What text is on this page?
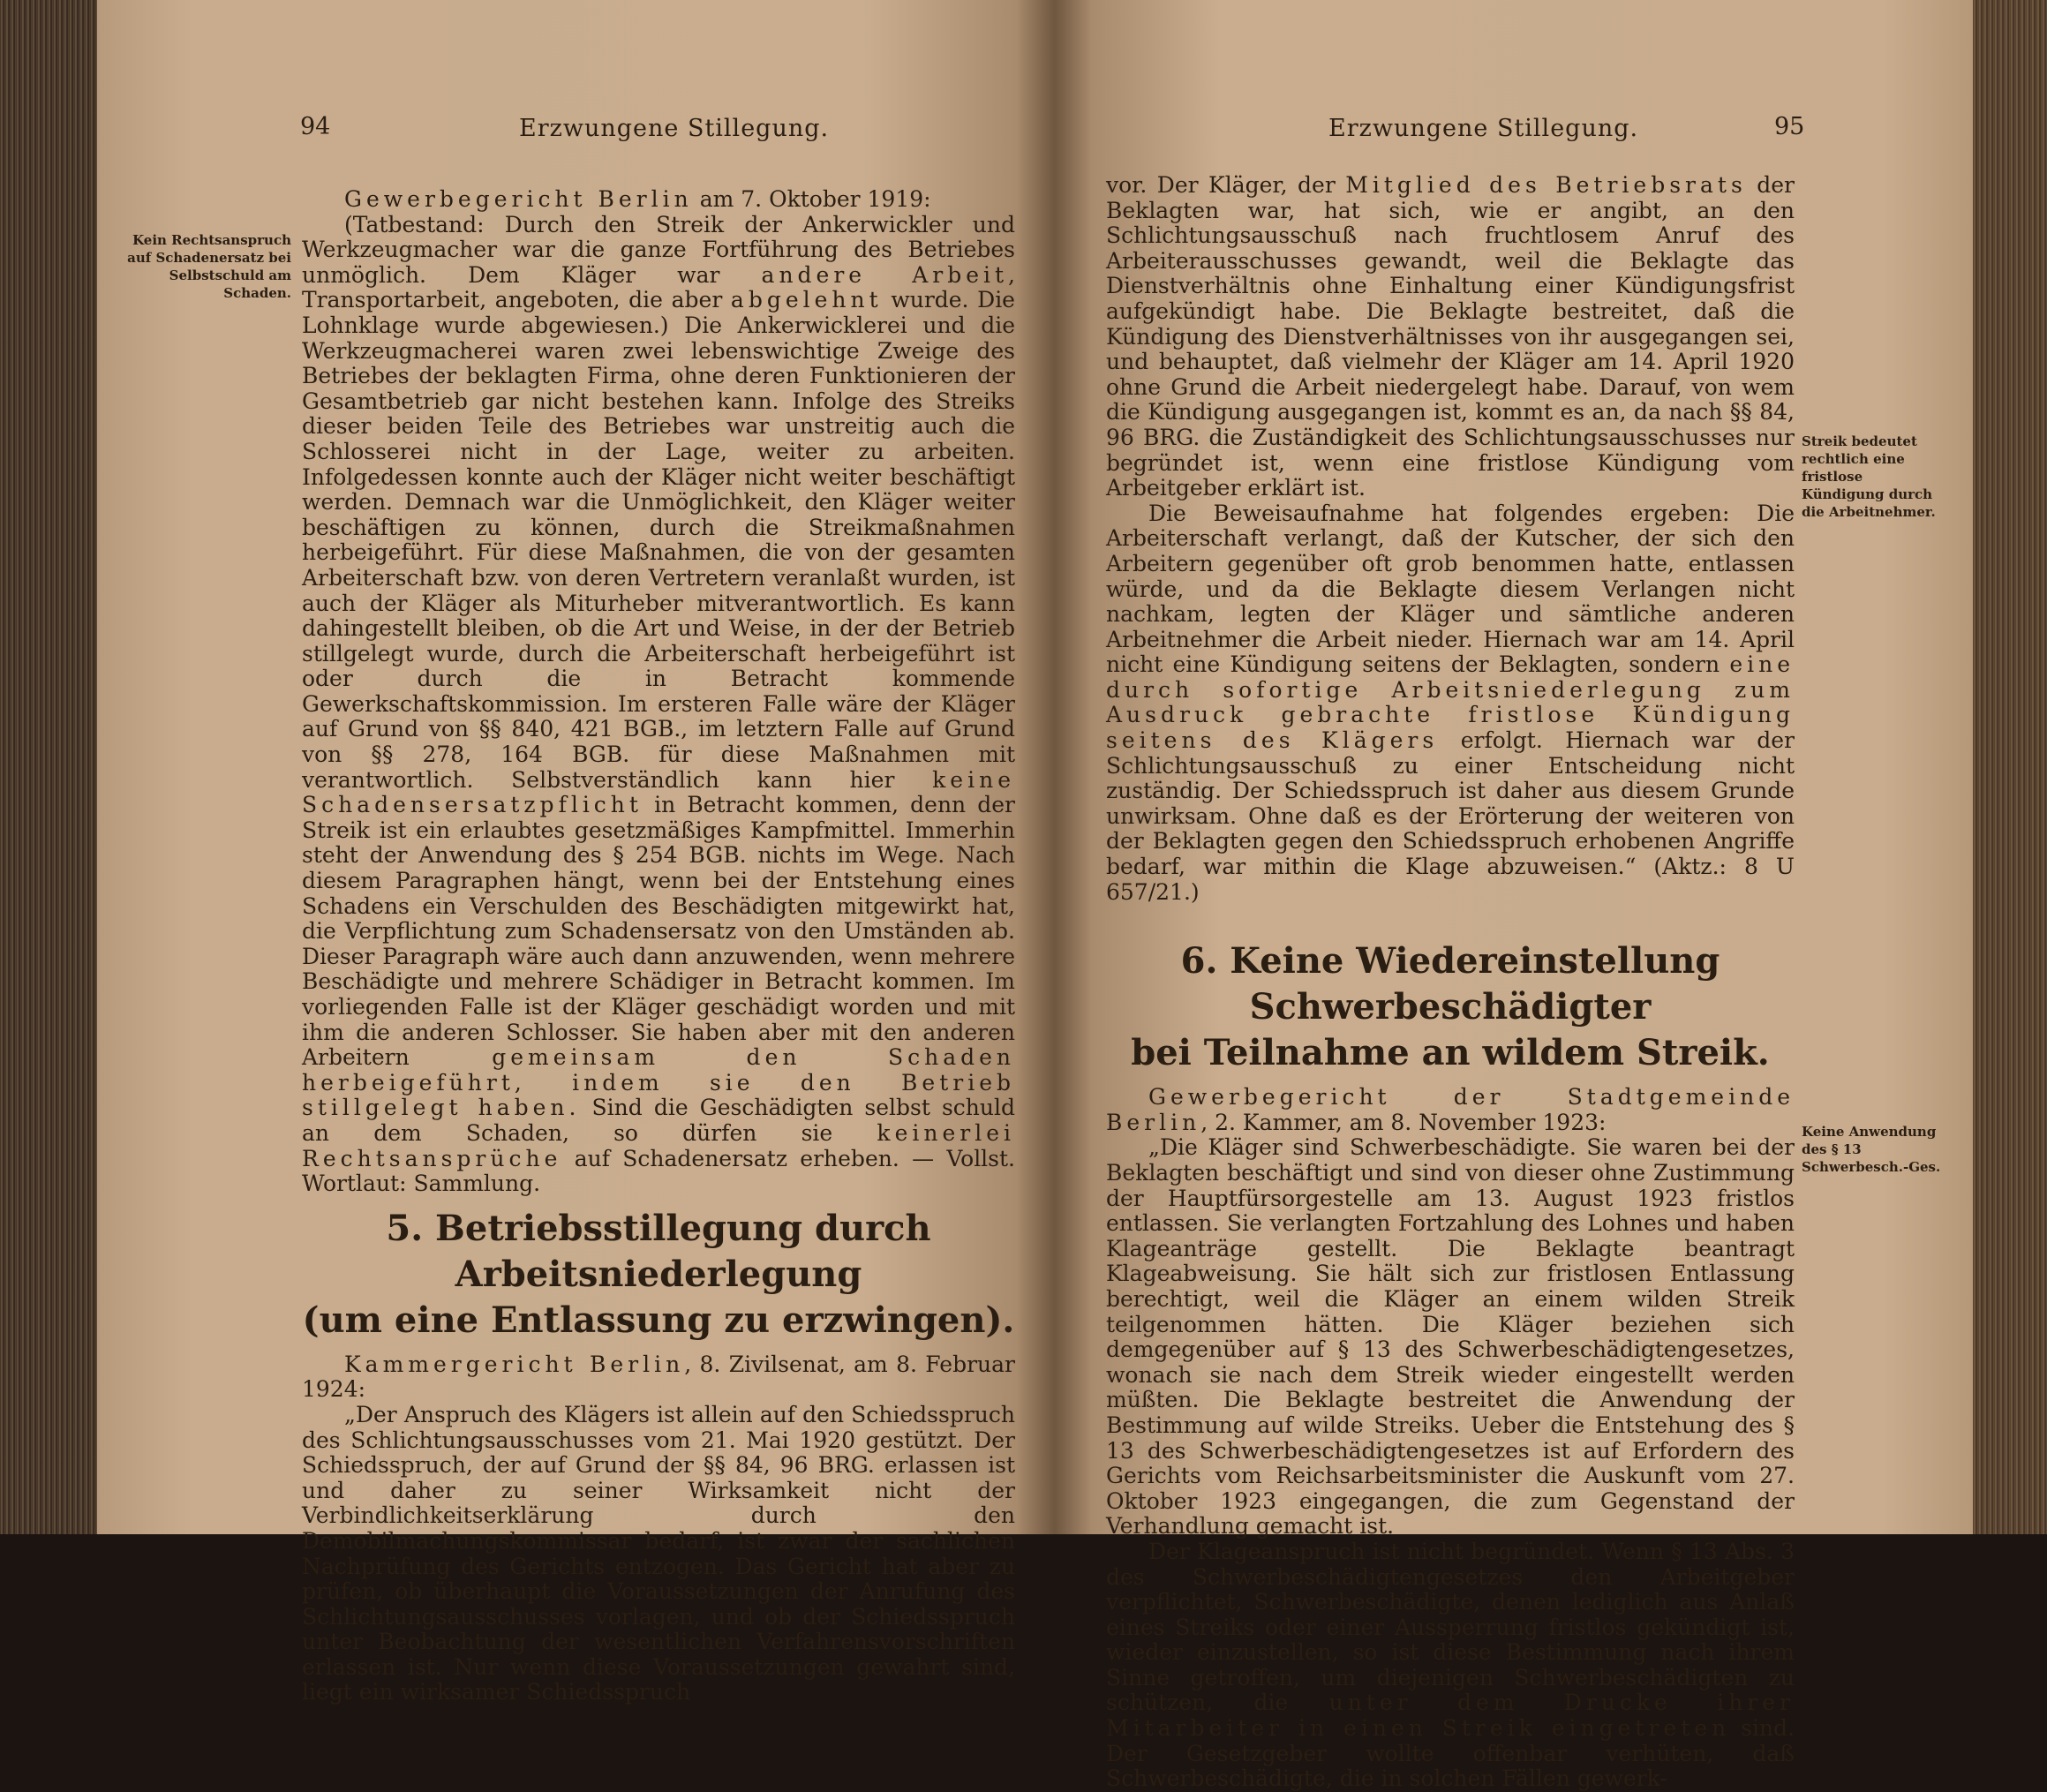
94	Erzwungene Stillegung.
Kein Rechtsanspruch auf Schadenersatz bei Selbstschuld am Schaden.

Gewerbegericht Berlin am 7. Oktober 1919:

(Tatbestand: Durch den Streik der Ankerwickler und Werkzeugmacher war die ganze Fortführung des Betriebes unmöglich. Dem Kläger war andere Arbeit, Transportarbeit, angeboten, die aber abgelehnt wurde. Die Lohnklage wurde abgewiesen.) Die Ankerwicklerei und die Werkzeugmacherei waren zwei lebenswichtige Zweige des Betriebes der beklagten Firma, ohne deren Funktionieren der Gesamtbetrieb gar nicht bestehen kann. Infolge des Streiks dieser beiden Teile des Betriebes war unstreitig auch die Schlosserei nicht in der Lage, weiter zu arbeiten. Infolgedessen konnte auch der Kläger nicht weiter beschäftigt werden. Demnach war die Unmöglichkeit, den Kläger weiter beschäftigen zu können, durch die Streikmaßnahmen herbeigeführt. Für diese Maßnahmen, die von der gesamten Arbeiterschaft bzw. von deren Vertretern veranlaßt wurden, ist auch der Kläger als Miturheber mitverantwortlich. Es kann dahingestellt bleiben, ob die Art und Weise, in der der Betrieb stillgelegt wurde, durch die Arbeiterschaft herbeigeführt ist oder durch die in Betracht kommende Gewerkschaftskommission. Im ersteren Falle wäre der Kläger auf Grund von §§ 840, 421 BGB., im letztern Falle auf Grund von §§ 278, 164 BGB. für diese Maßnahmen mit verantwortlich. Selbstverständlich kann hier keine Schadensersatzpflicht in Betracht kommen, denn der Streik ist ein erlaubtes gesetzmäßiges Kampfmittel. Immerhin steht der Anwendung des § 254 BGB. nichts im Wege. Nach diesem Paragraphen hängt, wenn bei der Entstehung eines Schadens ein Verschulden des Beschädigten mitgewirkt hat, die Verpflichtung zum Schadensersatz von den Umständen ab. Dieser Paragraph wäre auch dann anzuwenden, wenn mehrere Beschädigte und mehrere Schädiger in Betracht kommen. Im vorliegenden Falle ist der Kläger geschädigt worden und mit ihm die anderen Schlosser. Sie haben aber mit den anderen Arbeitern	gemeinsam den Schaden herbeigeführt, indem sie den Betrieb stillgelegt haben. Sind die Geschädigten selbst schuld an dem Schaden, so dürfen sie keinerlei Rechtsansprüche auf Schadenersatz erheben. — Vollst. Wortlaut: Sammlung.

5. Betriebsstillegung durch Arbeitsniederlegung
(um eine Entlassung zu erzwingen).

Kammergericht Berlin, 8. Zivilsenat, am 8. Februar 1924:

„Der Anspruch des Klägers ist allein auf den Schiedsspruch des Schlichtungsausschusses vom 21. Mai 1920 gestützt. Der Schiedsspruch, der auf Grund der §§ 84, 96 BRG. erlassen ist und daher zu seiner Wirksamkeit nicht der Verbindlichkeitserklärung durch den Demobilmachungskommissar bedarf, ist zwar der sachlichen Nachprüfung des Gerichts entzogen. Das Gericht hat aber zu prüfen, ob überhaupt die Voraussetzungen der Anrufung des Schlichtungsausschusses vorlagen, und ob der Schiedsspruch unter Beobachtung der wesentlichen Verfahrensvorschriften erlassen ist. Nur wenn diese Voraussetzungen gewahrt sind, liegt ein wirksamer Schiedsspruch

Erzwungene Stillegung.	95
Streik bedeutet rechtlich eine fristlose Kündigung durch die Arbeitnehmer.
Keine Anwendung des § 13 Schwerbesch.-Ges.

vor. Der Kläger, der Mitglied des Betriebsrats der Beklagten war, hat sich, wie er angibt, an den Schlichtungsausschuß nach fruchtlosem Anruf des Arbeiterausschusses gewandt, weil die Beklagte das Dienstverhältnis ohne Einhaltung einer Kündigungsfrist aufgekündigt habe. Die Beklagte bestreitet, daß die Kündigung des Dienstverhältnisses von ihr ausgegangen sei, und behauptet, daß vielmehr der Kläger am 14. April 1920 ohne Grund die Arbeit niedergelegt habe. Darauf, von wem die Kündigung ausgegangen ist, kommt es an, da nach §§ 84, 96 BRG. die Zuständigkeit des Schlichtungsausschusses nur begründet ist, wenn eine fristlose Kündigung vom Arbeitgeber erklärt ist.

Die Beweisaufnahme hat folgendes ergeben: Die Arbeiterschaft verlangt, daß der Kutscher, der sich den Arbeitern gegenüber oft grob benommen hatte, entlassen würde, und da die Beklagte diesem Verlangen nicht nachkam, legten der Kläger und sämtliche anderen Arbeitnehmer die Arbeit nieder. Hiernach war am 14. April nicht eine Kündigung seitens der Beklagten, sondern eine durch sofortige Arbeitsniederlegung zum Ausdruck gebrachte fristlose Kündigung seitens des Klägers erfolgt. Hiernach war der Schlichtungsausschuß zu einer Entscheidung nicht zuständig. Der Schiedsspruch ist daher aus diesem Grunde unwirksam. Ohne daß es der Erörterung der weiteren von der Beklagten gegen den Schiedsspruch erhobenen Angriffe bedarf, war mithin die Klage abzuweisen.“ (Aktz.: 8 U 657/21.)

6. Keine Wiedereinstellung Schwerbeschädigter
bei Teilnahme an wildem Streik.

Gewerbegericht der Stadtgemeinde Berlin, 2. Kammer, am 8. November 1923:

„Die Kläger sind Schwerbeschädigte. Sie waren bei der Beklagten beschäftigt und sind von dieser ohne Zustimmung der Hauptfürsorgestelle am 13. August 1923 fristlos entlassen. Sie verlangten Fortzahlung des Lohnes und haben Klageanträge gestellt. Die Beklagte beantragt Klageabweisung. Sie hält sich zur fristlosen Entlassung berechtigt, weil die Kläger an einem wilden Streik teilgenommen hätten. Die Kläger beziehen sich demgegenüber auf § 13 des Schwerbeschädigtengesetzes, wonach sie nach dem Streik wieder eingestellt werden müßten. Die Beklagte bestreitet die Anwendung der Bestimmung auf wilde Streiks. Ueber die Entstehung des § 13 des Schwerbeschädigtengesetzes ist auf Erfordern des Gerichts vom Reichsarbeitsminister die Auskunft vom 27. Oktober 1923 eingegangen, die zum Gegenstand der Verhandlung gemacht ist.

Der Klageanspruch ist nicht begründet. Wenn § 13 Abs. 3 des Schwerbeschädigtengesetzes den Arbeitgeber verpflichtet, Schwerbeschädigte, denen lediglich aus Anlaß eines Streiks oder einer Aussperrung fristlos gekündigt ist, wieder einzustellen, so ist diese Bestimmung nach ihrem Sinne getroffen, um diejenigen Schwerbeschädigten zu schützen, die unter dem Drucke ihrer Mitarbeiter in einen Streik eingetreten sind. Der Gesetzgeber wollte offenbar verhüten, daß Schwerbeschädigte, die in solchen Fällen gewerk-
